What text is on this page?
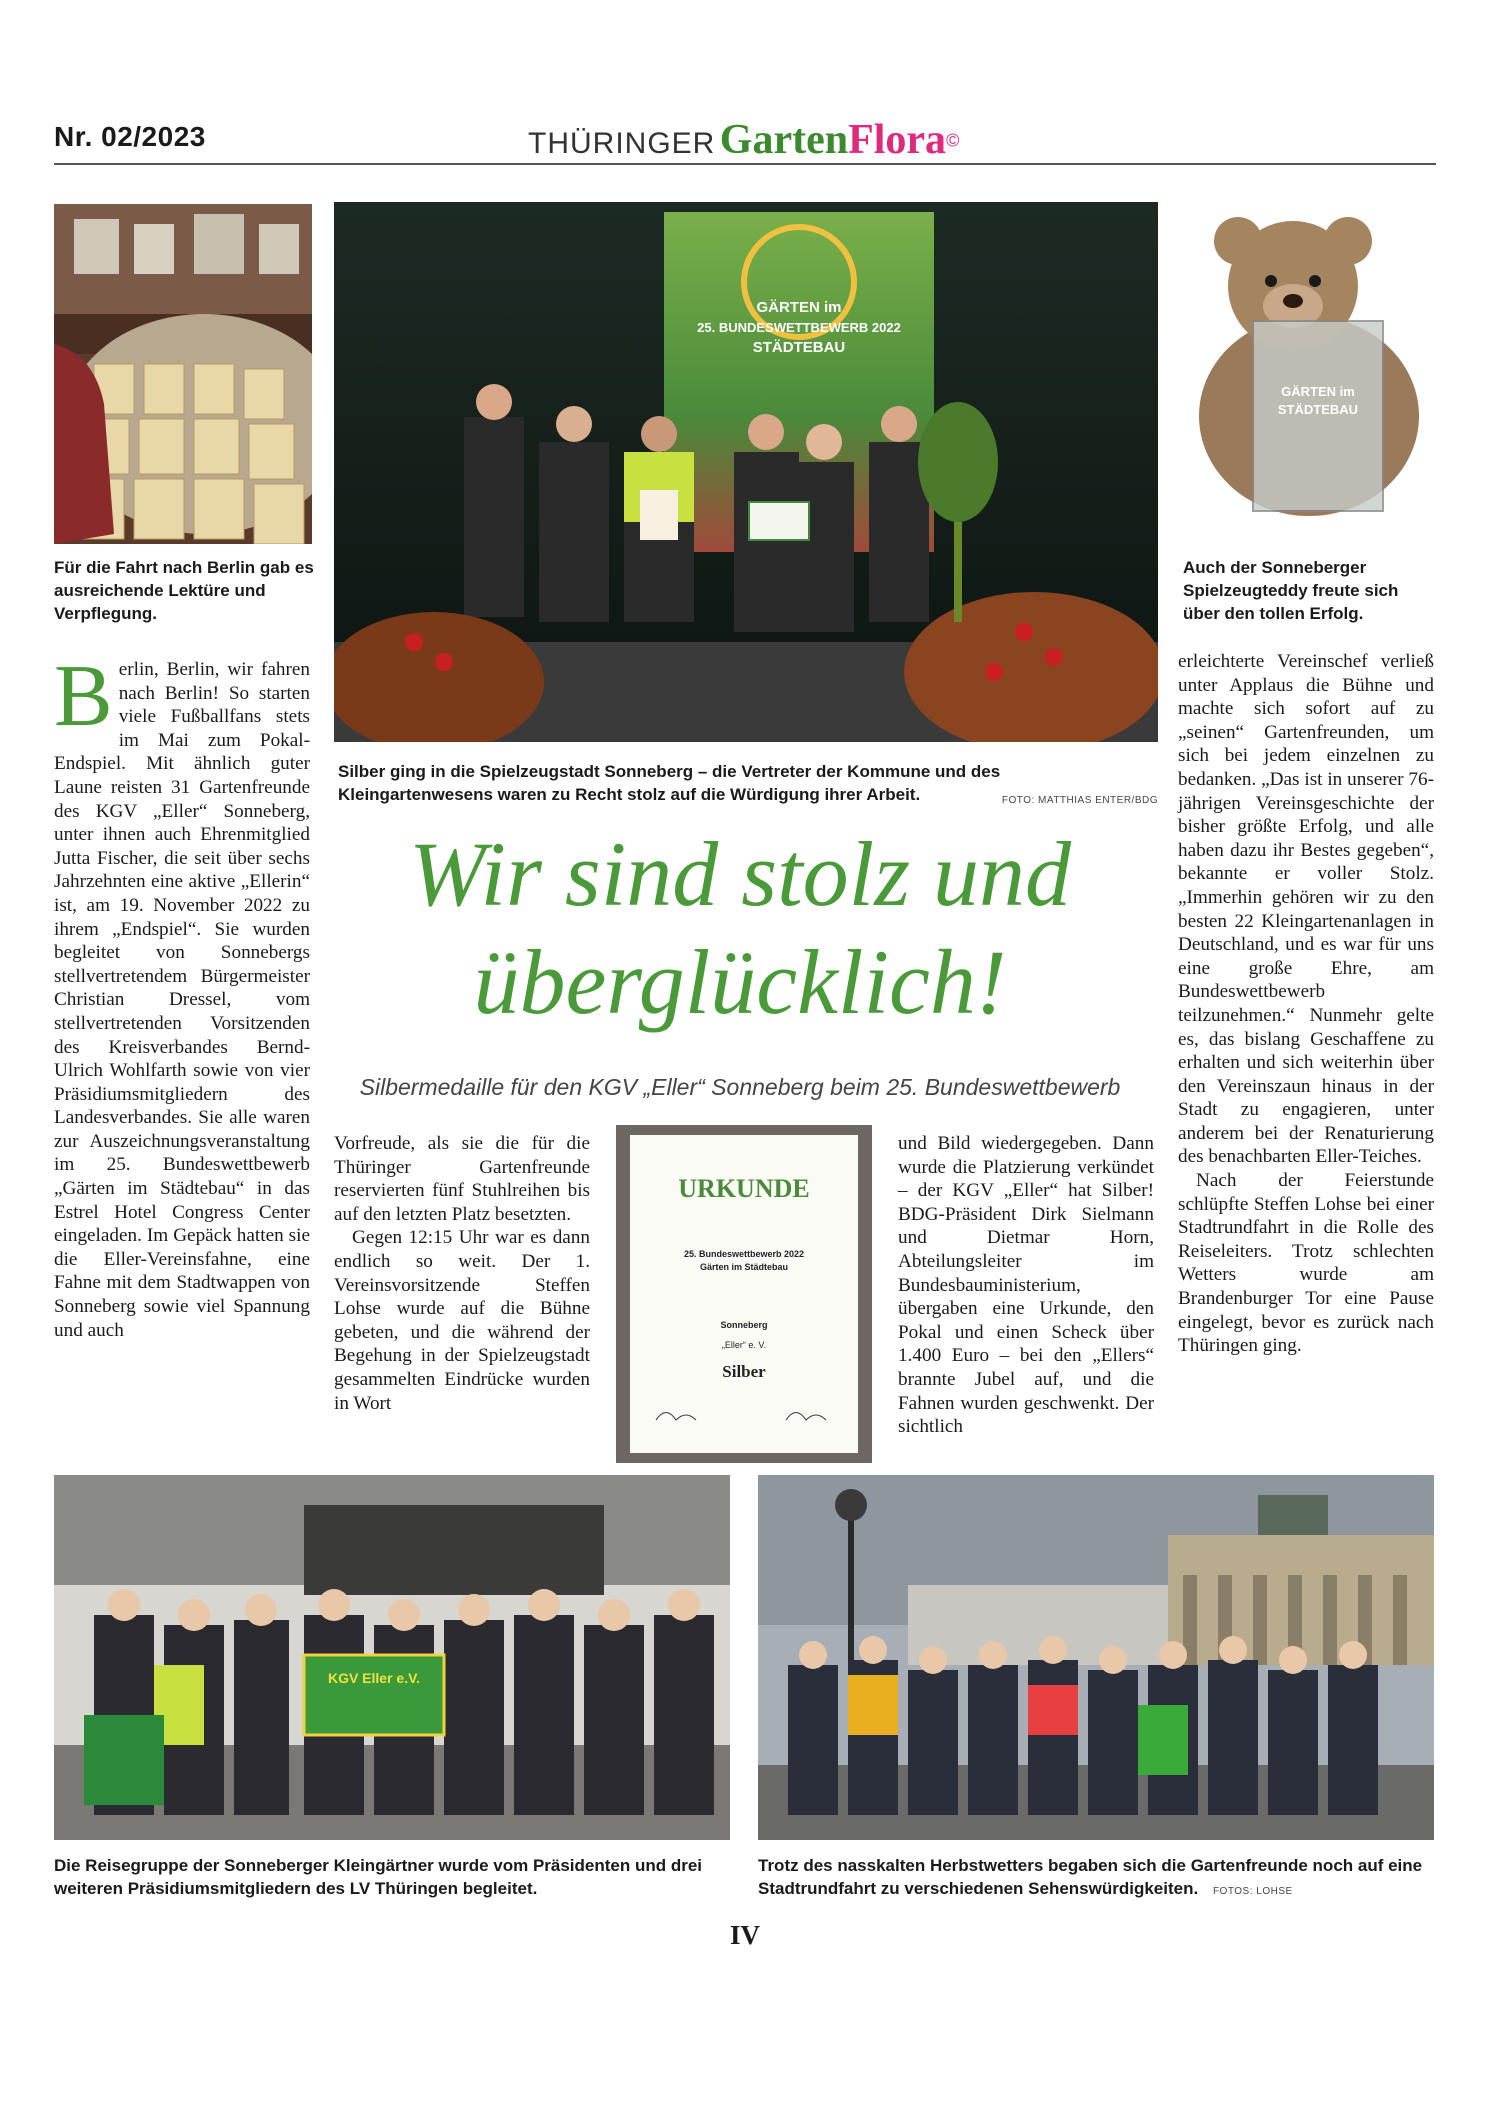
Nr. 02/2023	THÜRINGER GartenFlora©
Für die Fahrt nach Berlin gab es ausreichende Lektüre und Verpflegung.
GÄRTEN im
25. BUNDESWETTBEWERB 2022
STÄDTEBAU
Silber ging in die Spielzeugstadt Sonneberg – die Vertreter der Kommune und des Kleingartenwesens waren zu Recht stolz auf die Würdigung ihrer Arbeit.	FOTO: MATTHIAS ENTER/BDG
GÄRTEN im
STÄDTEBAU
Auch der Sonneberger Spielzeugteddy freute sich über den tollen Erfolg.
Wir sind stolz und überglücklich!
Silbermedaille für den KGV „Eller“ Sonneberg beim 25. Bundeswettbewerb
B erlin, Berlin, wir fahren nach Berlin! So starten viele Fußballfans stets im Mai zum Pokal-Endspiel. Mit ähnlich guter Laune reisten 31 Gartenfreunde des KGV „Eller“ Sonneberg, unter ihnen auch Ehrenmitglied Jutta Fischer, die seit über sechs Jahrzehnten eine aktive „Ellerin“ ist, am 19. November 2022 zu ihrem „Endspiel“. Sie wurden begleitet von Sonnebergs stellvertretendem Bürgermeister Christian Dressel, vom stellvertretenden Vorsitzenden des Kreisverbandes Bernd-Ulrich Wohlfarth sowie von vier Präsidiumsmitgliedern des Landesverbandes. Sie alle waren zur Auszeichnungsveranstaltung im 25. Bundeswettbewerb „Gärten im Städtebau“ in das Estrel Hotel Congress Center eingeladen. Im Gepäck hatten sie die Eller-Vereinsfahne, eine Fahne mit dem Stadtwappen von Sonneberg sowie viel Spannung und auch

Vorfreude, als sie die für die Thüringer Gartenfreunde reservierten fünf Stuhlreihen bis auf den letzten Platz besetzten.

Gegen 12:15 Uhr war es dann endlich so weit. Der 1. Vereinsvorsitzende Steffen Lohse wurde auf die Bühne gebeten, und die während der Begehung in der Spielzeugstadt gesammelten Eindrücke wurden in Wort

URKUNDE
25. Bundeswettbewerb 2022
Gärten im Städtebau
Sonneberg
„Eller“ e. V.
Silber
und Bild wiedergegeben. Dann wurde die Platzierung verkündet – der KGV „Eller“ hat Silber! BDG-Präsident Dirk Sielmann und Dietmar Horn, Abteilungsleiter im Bundesbauministerium, übergaben eine Urkunde, den Pokal und einen Scheck über 1.400 Euro – bei den „Ellers“ brannte Jubel auf, und die Fahnen wurden geschwenkt. Der sichtlich

erleichterte Vereinschef verließ unter Applaus die Bühne und machte sich sofort auf zu „seinen“ Gartenfreunden, um sich bei jedem einzelnen zu bedanken. „Das ist in unserer 76-jährigen Vereinsgeschichte der bisher größte Erfolg, und alle haben dazu ihr Bestes gegeben“, bekannte er voller Stolz. „Immerhin gehören wir zu den besten 22 Kleingartenanlagen in Deutschland, und es war für uns eine große Ehre, am Bundeswettbewerb teilzunehmen.“ Nunmehr gelte es, das bislang Geschaffene zu erhalten und sich weiterhin über den Vereinszaun hinaus in der Stadt zu engagieren, unter anderem bei der Renaturierung des benachbarten Eller-Teiches.

Nach der Feierstunde schlüpfte Steffen Lohse bei einer Stadtrundfahrt in die Rolle des Reiseleiters. Trotz schlechten Wetters wurde am Brandenburger Tor eine Pause eingelegt, bevor es zurück nach Thüringen ging.

KGV Eller e.V.
Die Reisegruppe der Sonneberger Kleingärtner wurde vom Präsidenten und drei weiteren Präsidiumsmitgliedern des LV Thüringen begleitet.
Trotz des nasskalten Herbstwetters begaben sich die Gartenfreunde noch auf eine Stadtrundfahrt zu verschiedenen Sehenswürdigkeiten. FOTOS: LOHSE
IV
